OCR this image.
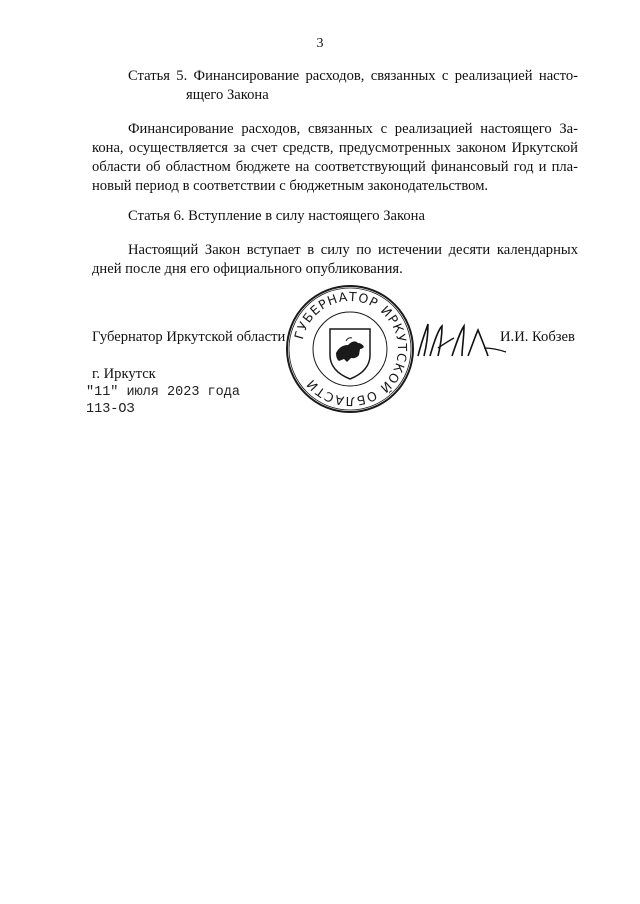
3
Статья 5. Финансирование расходов, связанных с реализацией насто-
ящего Закона
Финансирование расходов, связанных с реализацией настоящего За-
кона, осуществляется за счет средств, предусмотренных законом Иркутской
области об областном бюджете на соответствующий финансовый год и пла-
новый период в соответствии с бюджетным законодательством.
Статья 6. Вступление в силу настоящего Закона
Настоящий Закон вступает в силу по истечении десяти календарных
дней после дня его официального опубликования.
ГУБЕРНАТОР ИРКУТСКОЙ ОБЛАСТИ
Губернатор Иркутской области	И.И. Кобзев
г. Иркутск
"11" июля 2023 года
113-ОЗ
